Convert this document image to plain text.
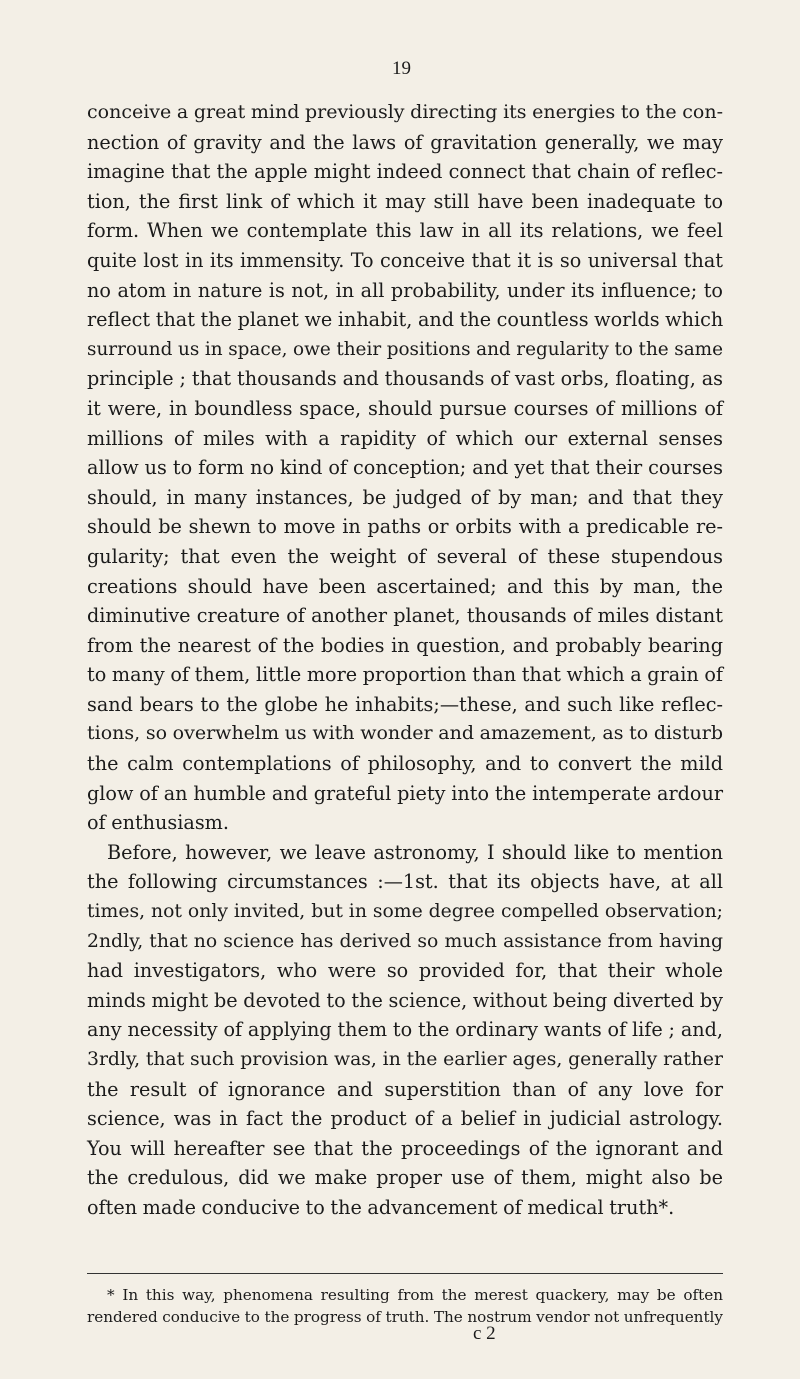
19
conceive a great mind previously directing its energies to the con-
nection of gravity and the laws of gravitation generally, we may
imagine that the apple might indeed connect that chain of reflec-
tion, the first link of which it may still have been inadequate to
form. When we contemplate this law in all its relations, we feel
quite lost in its immensity. To conceive that it is so universal that
no atom in nature is not, in all probability, under its influence; to
reflect that the planet we inhabit, and the countless worlds which
surround us in space, owe their positions and regularity to the same
principle ; that thousands and thousands of vast orbs, floating, as
it were, in boundless space, should pursue courses of millions of
millions of miles with a rapidity of which our external senses
allow us to form no kind of conception; and yet that their courses
should, in many instances, be judged of by man; and that they
should be shewn to move in paths or orbits with a predicable re-
gularity; that even the weight of several of these stupendous
creations should have been ascertained; and this by man, the
diminutive creature of another planet, thousands of miles distant
from the nearest of the bodies in question, and probably bearing
to many of them, little more proportion than that which a grain of
sand bears to the globe he inhabits;—these, and such like reflec-
tions, so overwhelm us with wonder and amazement, as to disturb
the calm contemplations of philosophy, and to convert the mild
glow of an humble and grateful piety into the intemperate ardour
of enthusiasm.
Before, however, we leave astronomy, I should like to mention
the following circumstances :—1st. that its objects have, at all
times, not only invited, but in some degree compelled observation;
2ndly, that no science has derived so much assistance from having
had investigators, who were so provided for, that their whole
minds might be devoted to the science, without being diverted by
any necessity of applying them to the ordinary wants of life ; and,
3rdly, that such provision was, in the earlier ages, generally rather
the result of ignorance and superstition than of any love for
science, was in fact the product of a belief in judicial astrology.
You will hereafter see that the proceedings of the ignorant and
the credulous, did we make proper use of them, might also be
often made conducive to the advancement of medical truth*.
* In this way, phenomena resulting from the merest quackery, may be often
rendered conducive to the progress of truth. The nostrum vendor not unfrequently
c 2
